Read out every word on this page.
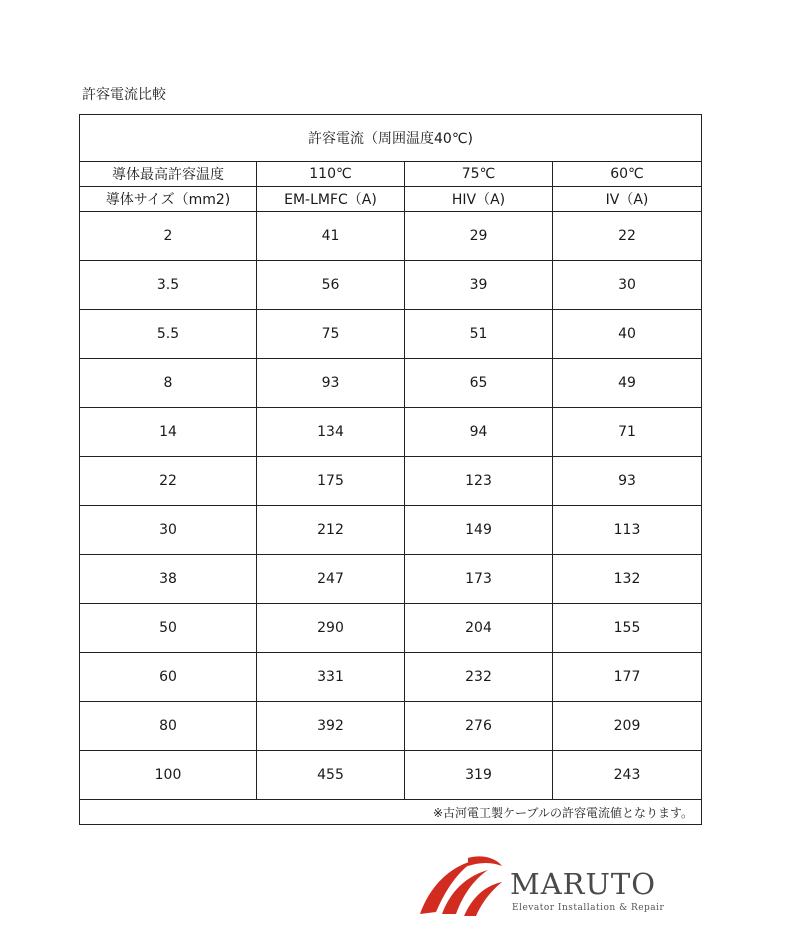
許容電流比較
許容電流（周囲温度40℃)			
導体最高許容温度	110℃	75℃	60℃
導体サイズ（mm2)	EM-LMFC（A)	HIV（A)	IV（A)
2	41	29	22
3.5	56	39	30
5.5	75	51	40
8	93	65	49
14	134	94	71
22	175	123	93
30	212	149	113
38	247	173	132
50	290	204	155
60	331	232	177
80	392	276	209
100	455	319	243
※古河電工製ケーブルの許容電流値となります。			
MARUTO
Elevator Installation & Repair
